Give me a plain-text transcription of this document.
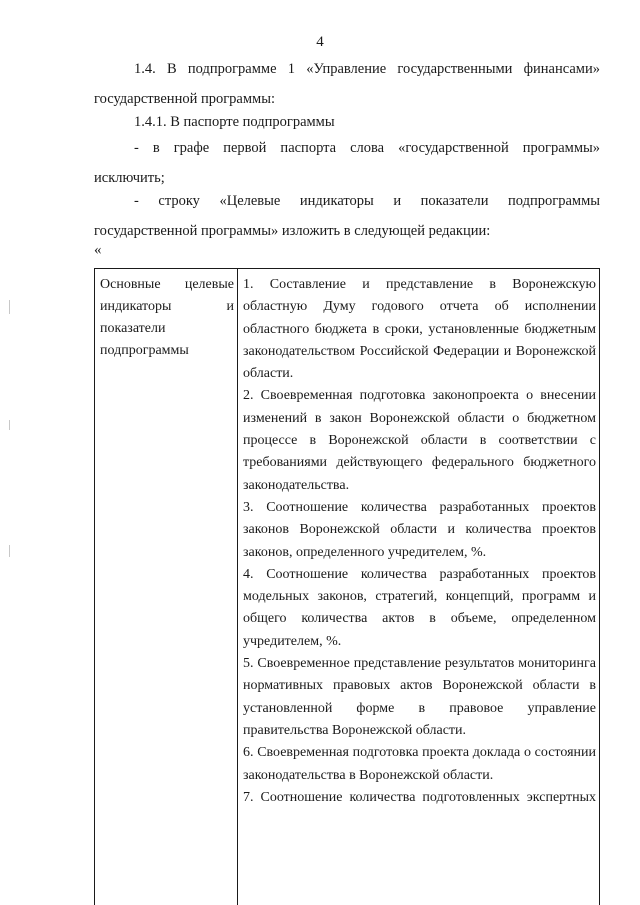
4
1.4. В подпрограмме 1 «Управление государственными финансами» государственной программы:
1.4.1. В паспорте подпрограммы
- в графе первой паспорта слова «государственной программы» исключить;
- строку «Целевые индикаторы и показатели подпрограммы государственной программы» изложить в следующей редакции:
«
Основные целевые
индикаторы и
показатели
подпрограммы

1. Составление и представление в Воронежскую областную Думу годового отчета об исполнении областного бюджета в сроки, установленные бюджетным законодательством Российской Федерации и Воронежской области.

2. Своевременная подготовка законопроекта о внесении изменений в закон Воронежской области о бюджетном процессе в Воронежской области в соответствии с требованиями действующего федерального бюджетного законодательства.

3. Соотношение количества разработанных проектов законов Воронежской области и количества проектов законов, определенного учредителем, %.

4. Соотношение количества разработанных проектов модельных законов, стратегий, концепций, программ и общего количества актов в объеме, определенном учредителем, %.

5. Своевременное представление результатов мониторинга нормативных правовых актов Воронежской области в установленной форме в правовое управление правительства Воронежской области.

6. Своевременная подготовка проекта доклада о состоянии законодательства в Воронежской области.

7. Соотношение количества подготовленных экспертных
